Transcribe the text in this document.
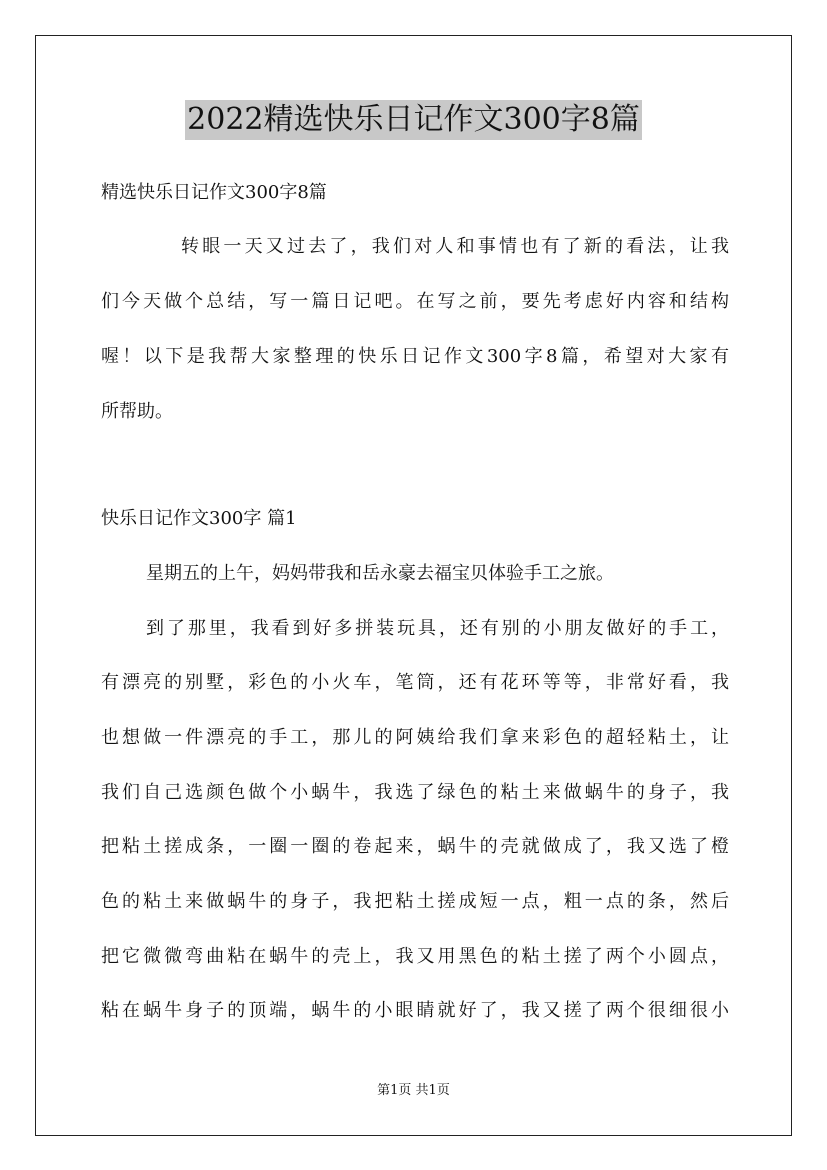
2022精选快乐日记作文300字8篇
精选快乐日记作文300字8篇
转眼一天又过去了，我们对人和事情也有了新的看法，让我
们今天做个总结，写一篇日记吧。在写之前，要先考虑好内容和结构
喔！以下是我帮大家整理的快乐日记作文300字8篇，希望对大家有
所帮助。
快乐日记作文300字 篇1
星期五的上午，妈妈带我和岳永豪去福宝贝体验手工之旅。
到了那里，我看到好多拼装玩具，还有别的小朋友做好的手工，
有漂亮的别墅，彩色的小火车，笔筒，还有花环等等，非常好看，我
也想做一件漂亮的手工，那儿的阿姨给我们拿来彩色的超轻粘土，让
我们自己选颜色做个小蜗牛，我选了绿色的粘土来做蜗牛的身子，我
把粘土搓成条，一圈一圈的卷起来，蜗牛的壳就做成了，我又选了橙
色的粘土来做蜗牛的身子，我把粘土搓成短一点，粗一点的条，然后
把它微微弯曲粘在蜗牛的壳上，我又用黑色的粘土搓了两个小圆点，
粘在蜗牛身子的顶端，蜗牛的小眼睛就好了，我又搓了两个很细很小
第1页 共1页
